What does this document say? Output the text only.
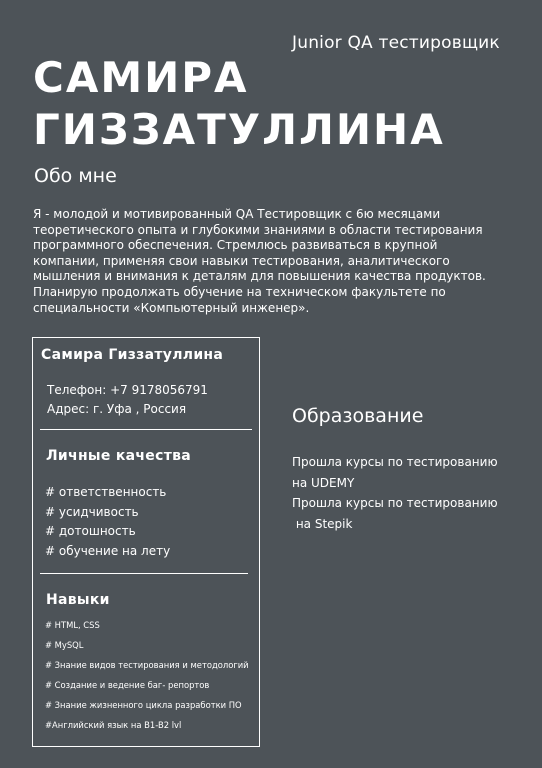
Junior QA тестировщик
САМИРА
ГИЗЗАТУЛЛИНА
Обо мне
Я - молодой и мотивированный QA Тестировщик с 6ю месяцами
теоретического опыта и глубокими знаниями в области тестирования
программного обеспечения. Стремлюсь развиваться в крупной
компании, применяя свои навыки тестирования, аналитического
мышления и внимания к деталям для повышения качества продуктов.
Планирую продолжать обучение на техническом факультете по
специальности «Компьютерный инженер».
Самира Гиззатуллина
Телефон: +7 9178056791
Адрес: г. Уфа , Россия
Личные качества
# ответственность
# усидчивость
# дотошность
# обучение на лету
Навыки
# HTML, CSS
# MySQL
# Знание видов тестирования и методологий
# Создание и ведение баг- репортов
# Знание жизненного цикла разработки ПО
#Английский язык на B1-B2 lvl
Образование
Прошла курсы по тестированию
на UDEMY
Прошла курсы по тестированию
на Stepik
